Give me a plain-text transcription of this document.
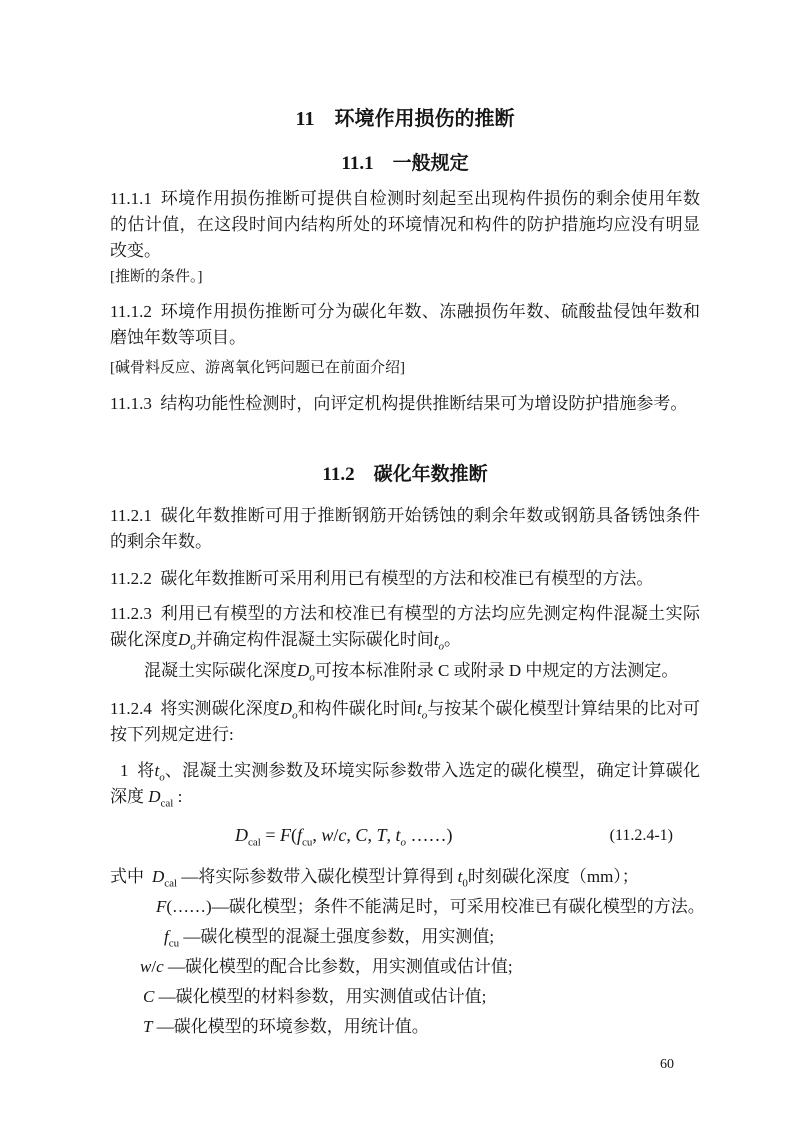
11　环境作用损伤的推断
11.1　一般规定

11.1.1 环境作用损伤推断可提供自检测时刻起至出现构件损伤的剩余使用年数的估计值，在这段时间内结构所处的环境情况和构件的防护措施均应没有明显改变。

[推断的条件。]

11.1.2 环境作用损伤推断可分为碳化年数、冻融损伤年数、硫酸盐侵蚀年数和磨蚀年数等项目。

[碱骨料反应、游离氧化钙问题已在前面介绍]

11.1.3 结构功能性检测时，向评定机构提供推断结果可为增设防护措施参考。

11.2　碳化年数推断

11.2.1 碳化年数推断可用于推断钢筋开始锈蚀的剩余年数或钢筋具备锈蚀条件的剩余年数。

11.2.2 碳化年数推断可采用利用已有模型的方法和校准已有模型的方法。

11.2.3 利用已有模型的方法和校准已有模型的方法均应先测定构件混凝土实际碳化深度$D_o$并确定构件混凝土实际碳化时间$t_o$。

混凝土实际碳化深度$D_o$可按本标准附录 C 或附录 D 中规定的方法测定。

11.2.4 将实测碳化深度$D_o$和构件碳化时间$t_o$与按某个碳化模型计算结果的比对可按下列规定进行:

1 将$t_o$、混凝土实测参数及环境实际参数带入选定的碳化模型，确定计算碳化深度 $D_{cal}$ :

$D_{cal} = F(f_{cu}$, w/c, C, T, $t_o$ ……)	(11.2.4-1)
式中 $D_{cal}$ —将实际参数带入碳化模型计算得到 $t_0$时刻碳化深度（mm）；
F(……)—碳化模型；条件不能满足时，可采用校准已有碳化模型的方法。
$f_{cu}$ —碳化模型的混凝土强度参数，用实测值;
w/c —碳化模型的配合比参数，用实测值或估计值;
C —碳化模型的材料参数，用实测值或估计值;
T —碳化模型的环境参数，用统计值。
60
